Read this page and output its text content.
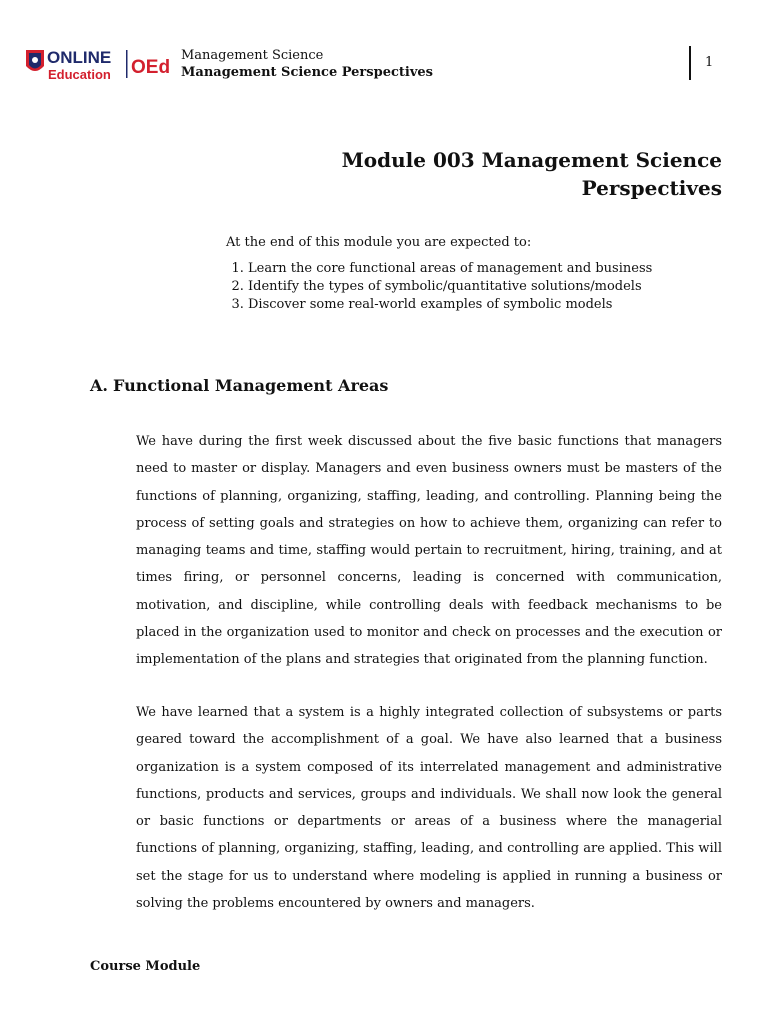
ONLINE
Education OEd
Management Science
Management Science Perspectives
1
Module 003 Management Science
Perspectives

At the end of this module you are expected to:

1. Learn the core functional areas of management and business
2. Identify the types of symbolic/quantitative solutions/models
3. Discover some real-world examples of symbolic models
A. Functional Management Areas

We have during the first week discussed about the five basic functions that managers need to master or display. Managers and even business owners must be masters of the functions of planning, organizing, staffing, leading, and controlling. Planning being the process of setting goals and strategies on how to achieve them, organizing can refer to managing teams and time, staffing would pertain to recruitment, hiring, training, and at times firing, or personnel concerns, leading is concerned with communication, motivation, and discipline, while controlling deals with feedback mechanisms to be placed in the organization used to monitor and check on processes and the execution or implementation of the plans and strategies that originated from the planning function.

We have learned that a system is a highly integrated collection of subsystems or parts geared toward the accomplishment of a goal. We have also learned that a business organization is a system composed of its interrelated management and administrative functions, products and services, groups and individuals. We shall now look the general or basic functions or departments or areas of a business where the managerial functions of planning, organizing, staffing, leading, and controlling are applied. This will set the stage for us to understand where modeling is applied in running a business or solving the problems encountered by owners and managers.

Course Module
